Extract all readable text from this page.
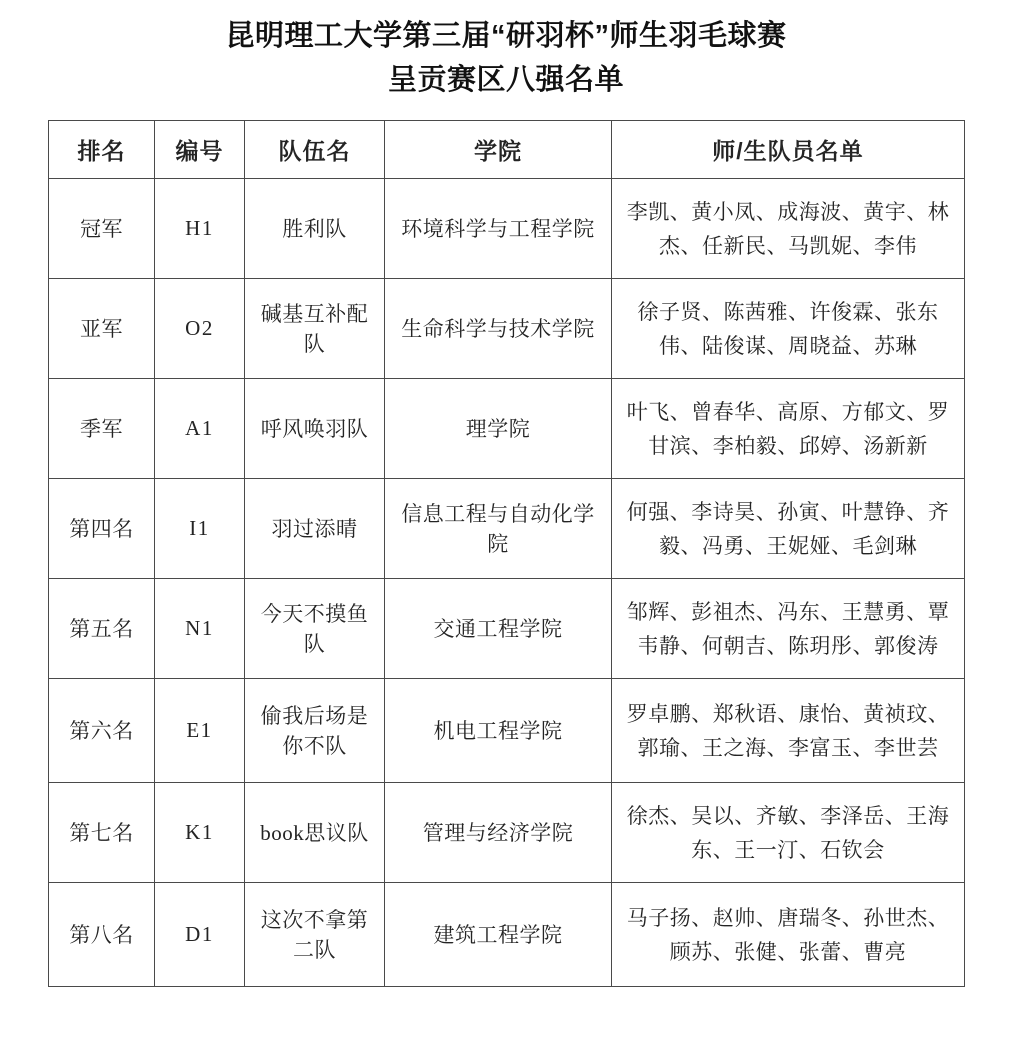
昆明理工大学第三届“研羽杯”师生羽毛球赛
呈贡赛区八强名单
排名	编号	队伍名	学院	师/生队员名单
冠军	H1	胜利队	环境科学与工程学院	李凯、黄小凤、成海波、黄宇、林杰、任新民、马凯妮、李伟
亚军	O2	碱基互补配队	生命科学与技术学院	徐子贤、陈茜雅、许俊霖、张东伟、陆俊谋、周晓益、苏琳
季军	A1	呼风唤羽队	理学院	叶飞、曾春华、高原、方郁文、罗甘滨、李柏毅、邱婷、汤新新
第四名	I1	羽过添晴	信息工程与自动化学院	何强、李诗昊、孙寅、叶慧铮、齐毅、冯勇、王妮娅、毛剑琳
第五名	N1	今天不摸鱼队	交通工程学院	邹辉、彭祖杰、冯东、王慧勇、覃韦静、何朝吉、陈玥彤、郭俊涛
第六名	E1	偷我后场是你不队	机电工程学院	罗卓鹏、郑秋语、康怡、黄祯玟、郭瑜、王之海、李富玉、李世芸
第七名	K1	book思议队	管理与经济学院	徐杰、吴以、齐敏、李泽岳、王海东、王一汀、石钦会
第八名	D1	这次不拿第二队	建筑工程学院	马子扬、赵帅、唐瑞冬、孙世杰、顾苏、张健、张蕾、曹亮
